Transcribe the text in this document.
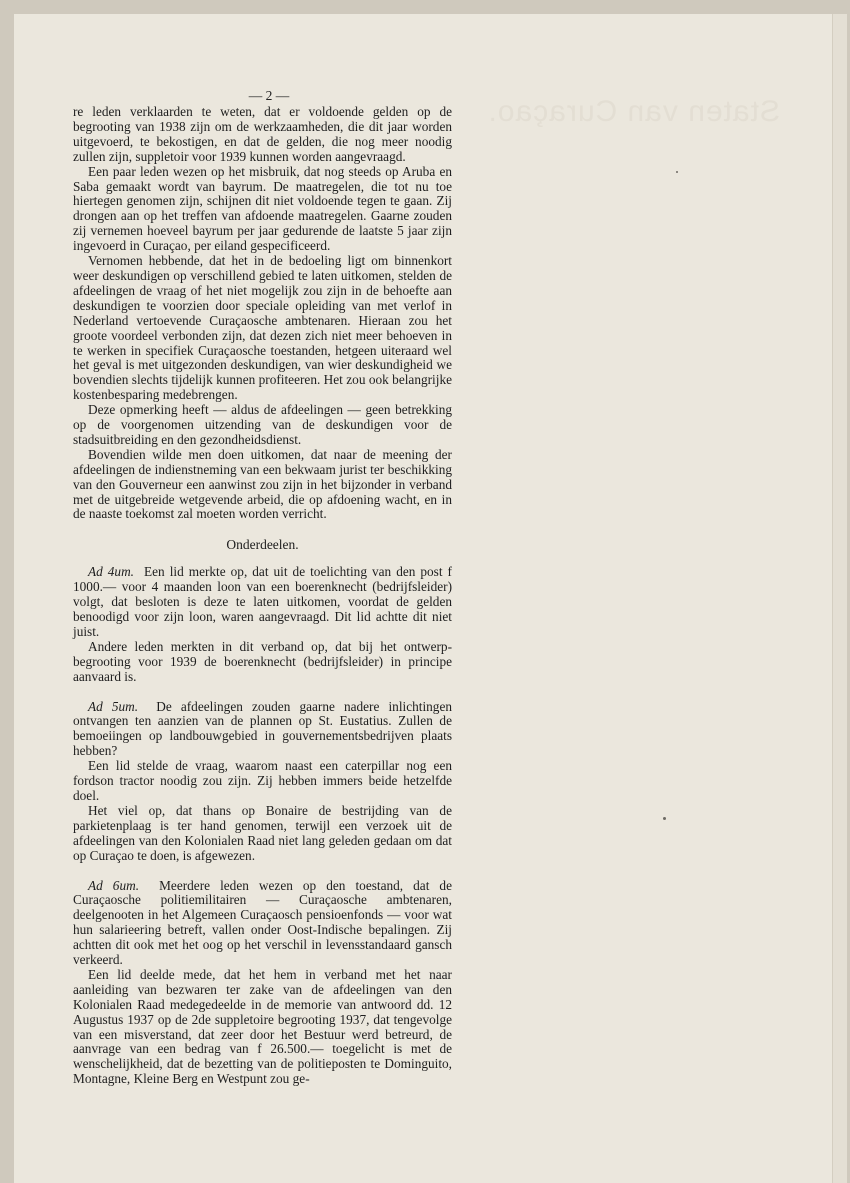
Staten van Curaçao.
— 2 —

re leden verklaarden te weten, dat er voldoende gelden op de begrooting van 1938 zijn om de werkzaamheden, die dit jaar worden uitgevoerd, te bekostigen, en dat de gelden, die nog meer noodig zullen zijn, suppletoir voor 1939 kunnen worden aangevraagd.

Een paar leden wezen op het misbruik, dat nog steeds op Aruba en Saba gemaakt wordt van bayrum. De maatregelen, die tot nu toe hiertegen genomen zijn, schijnen dit niet voldoende tegen te gaan. Zij drongen aan op het treffen van afdoende maatregelen. Gaarne zouden zij vernemen hoeveel bayrum per jaar gedurende de laatste 5 jaar zijn ingevoerd in Curaçao, per eiland gespecificeerd.

Vernomen hebbende, dat het in de bedoeling ligt om binnenkort weer deskundigen op verschillend gebied te laten uitkomen, stelden de afdeelingen de vraag of het niet mogelijk zou zijn in de behoefte aan deskundigen te voorzien door speciale opleiding van met verlof in Nederland vertoevende Curaçaosche ambtenaren. Hieraan zou het groote voordeel verbonden zijn, dat dezen zich niet meer behoeven in te werken in specifiek Curaçaosche toestanden, hetgeen uiteraard wel het geval is met uitgezonden deskundigen, van wier deskundigheid we bovendien slechts tijdelijk kunnen profiteeren. Het zou ook belangrijke kostenbesparing medebrengen.

Deze opmerking heeft — aldus de afdeelingen — geen betrekking op de voorgenomen uitzending van de deskundigen voor de stadsuitbreiding en den gezondheidsdienst.

Bovendien wilde men doen uitkomen, dat naar de meening der afdeelingen de indienstneming van een bekwaam jurist ter beschikking van den Gouverneur een aanwinst zou zijn in het bijzonder in verband met de uitgebreide wetgevende arbeid, die op afdoening wacht, en in de naaste toekomst zal moeten worden verricht.

Onderdeelen.

Ad 4um. Een lid merkte op, dat uit de toelichting van den post f 1000.— voor 4 maanden loon van een boerenknecht (bedrijfsleider) volgt, dat besloten is deze te laten uitkomen, voordat de gelden benoodigd voor zijn loon, waren aangevraagd. Dit lid achtte dit niet juist.

Andere leden merkten in dit verband op, dat bij het ontwerp-begrooting voor 1939 de boerenknecht (bedrijfsleider) in principe aanvaard is.

Ad 5um. De afdeelingen zouden gaarne nadere inlichtingen ontvangen ten aanzien van de plannen op St. Eustatius. Zullen de bemoeiingen op landbouwgebied in gouvernementsbedrijven plaats hebben?

Een lid stelde de vraag, waarom naast een caterpillar nog een fordson tractor noodig zou zijn. Zij hebben immers beide hetzelfde doel.

Het viel op, dat thans op Bonaire de bestrijding van de parkietenplaag is ter hand genomen, terwijl een verzoek uit de afdeelingen van den Kolonialen Raad niet lang geleden gedaan om dat op Curaçao te doen, is afgewezen.

Ad 6um. Meerdere leden wezen op den toestand, dat de Curaçaosche politiemilitairen — Curaçaosche ambtenaren, deelgenooten in het Algemeen Curaçaosch pensioenfonds — voor wat hun salarieering betreft, vallen onder Oost-Indische bepalingen. Zij achtten dit ook met het oog op het verschil in levensstandaard gansch verkeerd.

Een lid deelde mede, dat het hem in verband met het naar aanleiding van bezwaren ter zake van de afdeelingen van den Kolonialen Raad medegedeelde in de memorie van antwoord dd. 12 Augustus 1937 op de 2de suppletoire begrooting 1937, dat tengevolge van een misverstand, dat zeer door het Bestuur werd betreurd, de aanvrage van een bedrag van f 26.500.— toegelicht is met de wenschelijkheid, dat de bezetting van de politieposten te Dominguito, Montagne, Kleine Berg en Westpunt zou ge-
